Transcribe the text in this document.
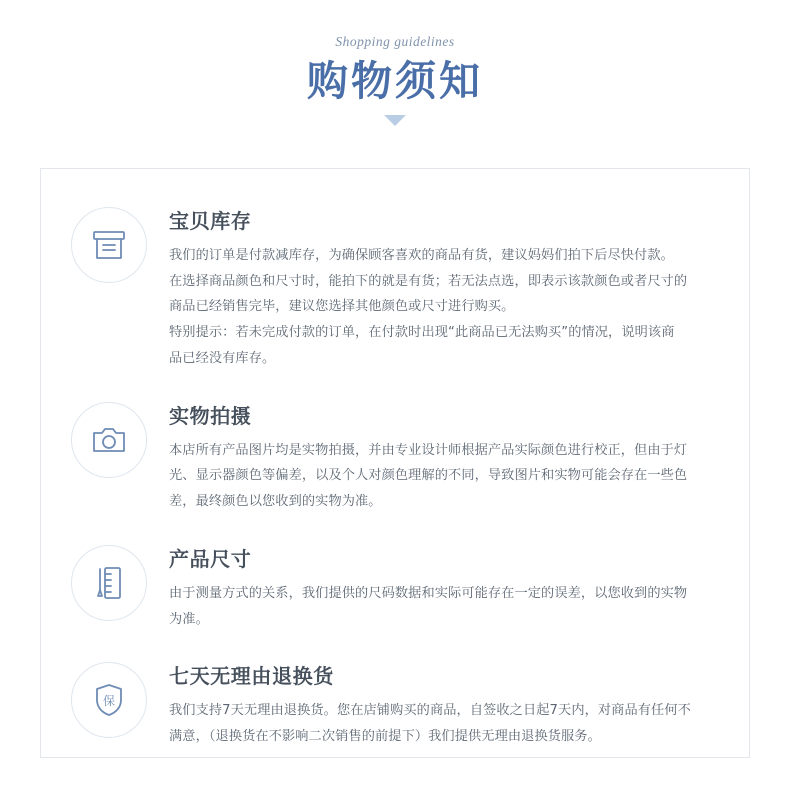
Shopping guidelines
购物须知
宝贝库存
我们的订单是付款减库存，为确保顾客喜欢的商品有货，建议妈妈们拍下后尽快付款。
在选择商品颜色和尺寸时，能拍下的就是有货；若无法点选，即表示该款颜色或者尺寸的
商品已经销售完毕，建议您选择其他颜色或尺寸进行购买。
特别提示：若未完成付款的订单，在付款时出现“此商品已无法购买”的情况，说明该商
品已经没有库存。
实物拍摄
本店所有产品图片均是实物拍摄，并由专业设计师根据产品实际颜色进行校正，但由于灯
光、显示器颜色等偏差，以及个人对颜色理解的不同，导致图片和实物可能会存在一些色
差，最终颜色以您收到的实物为准。
产品尺寸
由于测量方式的关系，我们提供的尺码数据和实际可能存在一定的误差，以您收到的实物
为准。
保
七天无理由退换货
我们支持7天无理由退换货。您在店铺购买的商品，自签收之日起7天内，对商品有任何不
满意，（退换货在不影响二次销售的前提下）我们提供无理由退换货服务。
